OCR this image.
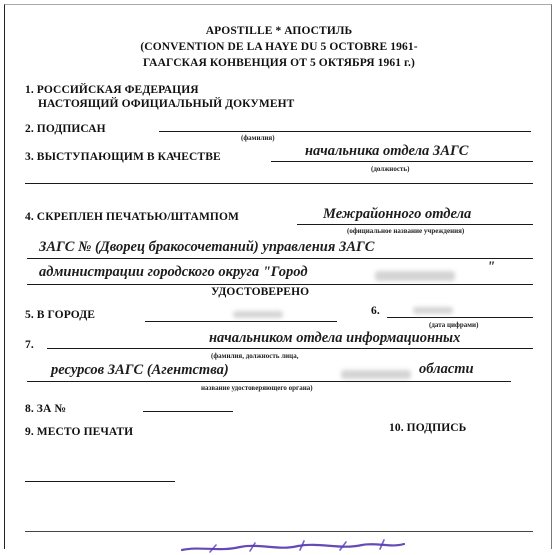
APOSTILLE * АПОСТИЛЬ
(CONVENTION DE LA HAYE DU 5 OCTOBRE 1961-
ГААГСКАЯ КОНВЕНЦИЯ ОТ 5 ОКТЯБРЯ 1961 г.)
1. РОССИЙСКАЯ ФЕДЕРАЦИЯ
НАСТОЯЩИЙ ОФИЦИАЛЬНЫЙ ДОКУМЕНТ
2. ПОДПИСАН
(фамилия)
3. ВЫСТУПАЮЩИМ В КАЧЕСТВЕ	начальника отдела ЗАГС
(должность)
4. СКРЕПЛЕН ПЕЧАТЬЮ/ШТАМПОМ	Межрайонного отдела
(официальное название учреждения)
ЗАГС № (Дворец бракосочетаний) управления ЗАГС
администрации городского округа "Город	"
УДОСТОВЕРЕНО
5. В ГОРОДЕ	6.
(дата цифрами)
7.	начальником отдела информационных
(фамилия, должность лица,
ресурсов ЗАГС (Агентства)	области
название удостоверяющего органа)
8. ЗА №
9. МЕСТО ПЕЧАТИ	10. ПОДПИСЬ
